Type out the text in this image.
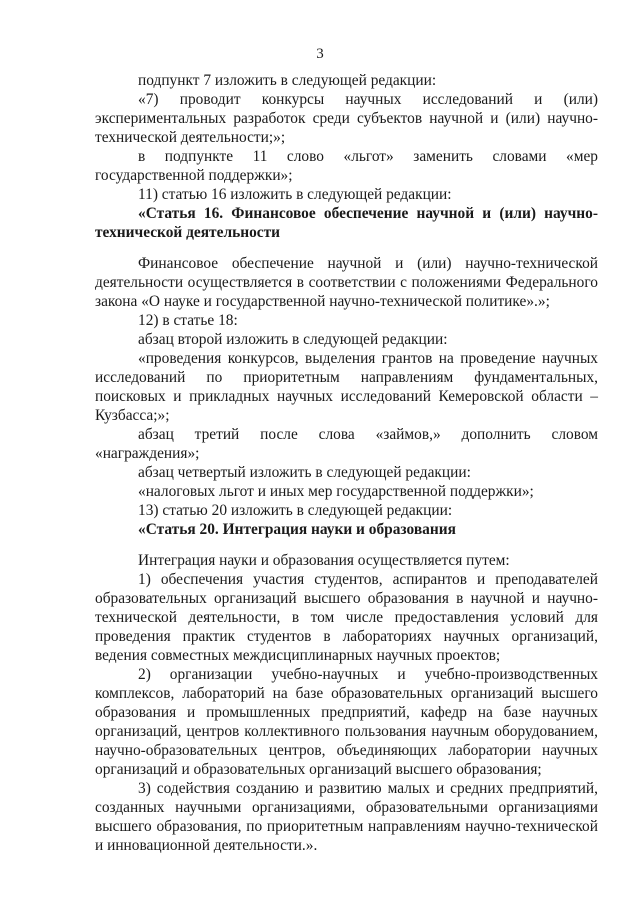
3

подпункт 7 изложить в следующей редакции:

«7) проводит конкурсы научных исследований и (или) экспериментальных разработок среди субъектов научной и (или) научно-технической деятельности;»;

в подпункте 11 слово «льгот» заменить словами «мер государственной поддержки»;

11) статью 16 изложить в следующей редакции:

«Статья 16. Финансовое обеспечение научной и (или) научно-технической деятельности

Финансовое обеспечение научной и (или) научно-технической деятельности осуществляется в соответствии с положениями Федерального закона «О науке и государственной научно-технической политике».»;

12) в статье 18:

абзац второй изложить в следующей редакции:

«проведения конкурсов, выделения грантов на проведение научных исследований по приоритетным направлениям фундаментальных, поисковых и прикладных научных исследований Кемеровской области – Кузбасса;»;

абзац третий после слова «займов,» дополнить словом «награждения»;

абзац четвертый изложить в следующей редакции:

«налоговых льгот и иных мер государственной поддержки»;

13) статью 20 изложить в следующей редакции:

«Статья 20. Интеграция науки и образования

Интеграция науки и образования осуществляется путем:

1) обеспечения участия студентов, аспирантов и преподавателей образовательных организаций высшего образования в научной и научно-технической деятельности, в том числе предоставления условий для проведения практик студентов в лабораториях научных организаций, ведения совместных междисциплинарных научных проектов;

2) организации учебно-научных и учебно-производственных комплексов, лабораторий на базе образовательных организаций высшего образования и промышленных предприятий, кафедр на базе научных организаций, центров коллективного пользования научным оборудованием, научно-образовательных центров, объединяющих лаборатории научных организаций и образовательных организаций высшего образования;

3) содействия созданию и развитию малых и средних предприятий, созданных научными организациями, образовательными организациями высшего образования, по приоритетным направлениям научно-технической и инновационной деятельности.».
